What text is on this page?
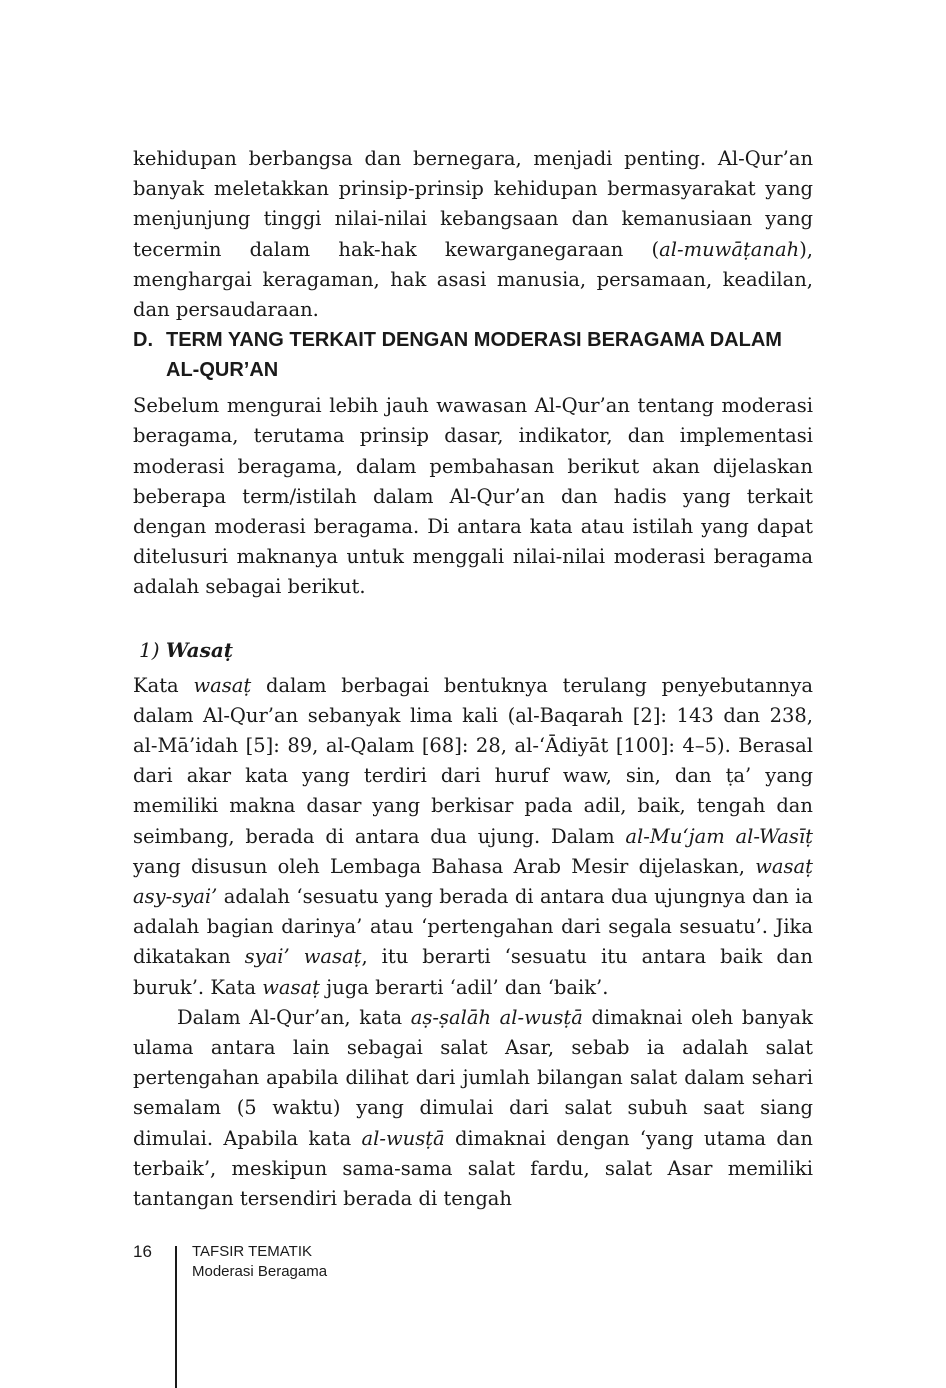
kehidupan berbangsa dan bernegara, menjadi penting. Al-Qur’an banyak meletakkan prinsip-prinsip kehidupan bermasyarakat yang menjunjung tinggi nilai-nilai kebangsaan dan kemanusiaan yang tecermin dalam hak-hak kewarganegaraan (al-muwāṭanah), menghargai keragaman, hak asasi manusia, persamaan, keadilan, dan persaudaraan.

D. TERM YANG TERKAIT DENGAN MODERASI BERAGAMA DALAM AL-QUR’AN

Sebelum mengurai lebih jauh wawasan Al-Qur’an tentang moderasi beragama, terutama prinsip dasar, indikator, dan implementasi moderasi beragama, dalam pembahasan berikut akan dijelaskan beberapa term/istilah dalam Al-Qur’an dan hadis yang terkait dengan moderasi beragama. Di antara kata atau istilah yang dapat ditelusuri maknanya untuk menggali nilai-nilai moderasi beragama adalah sebagai berikut.

1) Wasaṭ

Kata wasaṭ dalam berbagai bentuknya terulang penyebutannya dalam Al-Qur’an sebanyak lima kali (al-Baqarah [2]: 143 dan 238, al-Mā’idah [5]: 89, al-Qalam [68]: 28, al-‘Ādiyāt [100]: 4–5). Berasal dari akar kata yang terdiri dari huruf waw, sin, dan ṭa’ yang memiliki makna dasar yang berkisar pada adil, baik, tengah dan seimbang, berada di antara dua ujung. Dalam al-Mu‘jam al-Wasīṭ yang disusun oleh Lembaga Bahasa Arab Mesir dijelaskan, wasaṭ asy-syai’ adalah ‘sesuatu yang berada di antara dua ujungnya dan ia adalah bagian darinya’ atau ‘pertengahan dari segala sesuatu’. Jika dikatakan syai’ wasaṭ, itu berarti ‘sesuatu itu antara baik dan buruk’. Kata wasaṭ juga berarti ‘adil’ dan ‘baik’.

Dalam Al-Qur’an, kata aṣ-ṣalāh al-wusṭā dimaknai oleh banyak ulama antara lain sebagai salat Asar, sebab ia adalah salat pertengahan apabila dilihat dari jumlah bilangan salat dalam sehari semalam (5 waktu) yang dimulai dari salat subuh saat siang dimulai. Apabila kata al-wusṭā dimaknai dengan ‘yang utama dan terbaik’, meskipun sama-sama salat fardu, salat Asar memiliki tantangan tersendiri berada di tengah

16	TAFSIR TEMATIK
Moderasi Beragama
